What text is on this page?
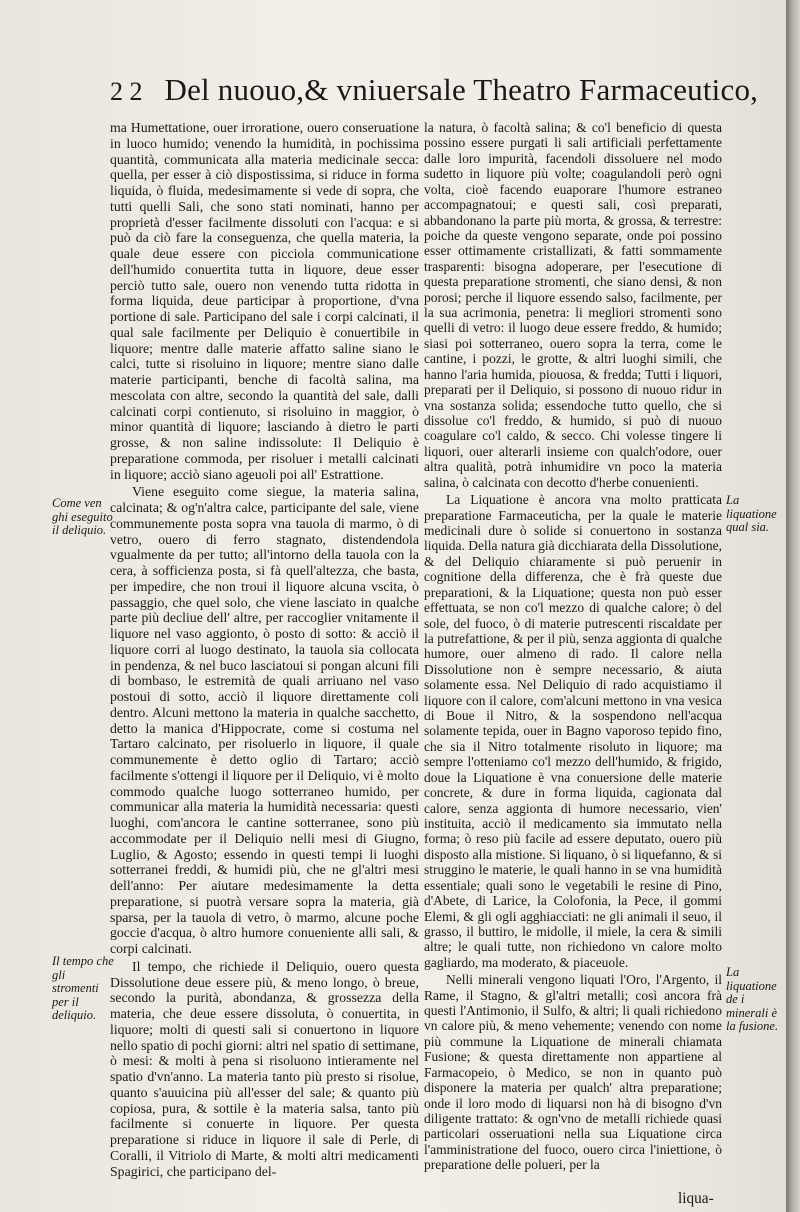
2 2 Del nuouo,& vniuersale Theatro Farmaceutico,

ma Humettatione, ouer irroratione, ouero conseruatione in luoco humido; venendo la humidità, in pochissima quantità, communicata alla materia medicinale secca: quella, per esser à ciò dispostissima, si riduce in forma liquida, ò fluida, medesimamente si vede di sopra, che tutti quelli Sali, che sono stati nominati, hanno per proprietà d'esser facilmente dissoluti con l'acqua: e si può da ciò fare la conseguenza, che quella materia, la quale deue essere con picciola communicatione dell'humido conuertita tutta in liquore, deue esser perciò tutto sale, ouero non venendo tutta ridotta in forma liquida, deue participar à proportione, d'vna portione di sale. Participano del sale i corpi calcinati, il qual sale facilmente per Deliquio è conuertibile in liquore; mentre dalle materie affatto saline siano le calci, tutte si risoluino in liquore; mentre siano dalle materie participanti, benche di facoltà salina, ma mescolata con altre, secondo la quantità del sale, dalli calcinati corpi contienuto, si risoluino in maggior, ò minor quantità di liquore; lasciando à dietro le parti grosse, & non saline indissolute: Il Deliquio è preparatione commoda, per risoluer i metalli calcinati in liquore; acciò siano ageuoli poi all' Estrattione.

Viene eseguito come siegue, la materia salina, calcinata; & og'n'altra calce, participante del sale, viene communemente posta sopra vna tauola di marmo, ò di vetro, ouero di ferro stagnato, distendendola vgualmente da per tutto; all'intorno della tauola con la cera, à sofficienza posta, si fà quell'altezza, che basta, per impedire, che non troui il liquore alcuna vscita, ò passaggio, che quel solo, che viene lasciato in qualche parte più decliue dell' altre, per raccoglier vnitamente il liquore nel vaso aggionto, ò posto di sotto: & acciò il liquore corri al luogo destinato, la tauola sia collocata in pendenza, & nel buco lasciatoui si pongan alcuni fili di bombaso, le estremità de quali arriuano nel vaso postoui di sotto, acciò il liquore direttamente coli dentro. Alcuni mettono la materia in qualche sacchetto, detto la manica d'Hippocrate, come si costuma nel Tartaro calcinato, per risoluerlo in liquore, il quale communemente è detto oglio di Tartaro; acciò facilmente s'ottengi il liquore per il Deliquio, vi è molto commodo qualche luogo sotterraneo humido, per communicar alla materia la humidità necessaria: questi luoghi, com'ancora le cantine sotterranee, sono più accommodate per il Deliquio nelli mesi di Giugno, Luglio, & Agosto; essendo in questi tempi li luoghi sotterranei freddi, & humidi più, che ne gl'altri mesi dell'anno: Per aiutare medesimamente la detta preparatione, si puotrà versare sopra la materia, già sparsa, per la tauola di vetro, ò marmo, alcune poche goccie d'acqua, ò altro humore conueniente alli sali, & corpi calcinati.

Il tempo, che richiede il Deliquio, ouero questa Dissolutione deue essere più, & meno longo, ò breue, secondo la purità, abondanza, & grossezza della materia, che deue essere dissoluta, ò conuertita, in liquore; molti di questi sali si conuertono in liquore nello spatio di pochi giorni: altri nel spatio di settimane, ò mesi: & molti à pena si risoluono intieramente nel spatio d'vn'anno. La materia tanto più presto si risolue, quanto s'auuicina più all'esser del sale; & quanto più copiosa, pura, & sottile è la materia salsa, tanto più facilmente si conuerte in liquore. Per questa preparatione si riduce in liquore il sale di Perle, di Coralli, il Vitriolo di Marte, & molti altri medicamenti Spagirici, che participano del-

la natura, ò facoltà salina; & co'l beneficio di questa possino essere purgati li sali artificiali perfettamente dalle loro impurità, facendoli dissoluere nel modo sudetto in liquore più volte; coagulandoli però ogni volta, cioè facendo euaporare l'humore estraneo accompagnatoui; e questi sali, così preparati, abbandonano la parte più morta, & grossa, & terrestre: poiche da queste vengono separate, onde poi possino esser ottimamente cristallizati, & fatti sommamente trasparenti: bisogna adoperare, per l'esecutione di questa preparatione stromenti, che siano densi, & non porosi; perche il liquore essendo salso, facilmente, per la sua acrimonia, penetra: li megliori stromenti sono quelli di vetro: il luogo deue essere freddo, & humido; siasi poi sotterraneo, ouero sopra la terra, come le cantine, i pozzi, le grotte, & altri luoghi simili, che hanno l'aria humida, piouosa, & fredda; Tutti i liquori, preparati per il Deliquio, si possono di nuouo ridur in vna sostanza solida; essendoche tutto quello, che si dissolue co'l freddo, & humido, si può di nuouo coagulare co'l caldo, & secco. Chi volesse tingere li liquori, ouer alterarli insieme con qualch'odore, ouer altra qualità, potrà inhumidire vn poco la materia salina, ò calcinata con decotto d'herbe conuenienti.

La Liquatione è ancora vna molto pratticata preparatione Farmaceuticha, per la quale le materie medicinali dure ò solide si conuertono in sostanza liquida. Della natura già dicchiarata della Dissolutione, & del Deliquio chiaramente si può peruenir in cognitione della differenza, che è frà queste due preparationi, & la Liquatione; questa non può esser effettuata, se non co'l mezzo di qualche calore; ò del sole, del fuoco, ò di materie putrescenti riscaldate per la putrefattione, & per il più, senza aggionta di qualche humore, ouer almeno di rado. Il calore nella Dissolutione non è sempre necessario, & aiuta solamente essa. Nel Deliquio di rado acquistiamo il liquore con il calore, com'alcuni mettono in vna vesica di Boue il Nitro, & la sospendono nell'acqua solamente tepida, ouer in Bagno vaporoso tepido fino, che sia il Nitro totalmente risoluto in liquore; ma sempre l'otteniamo co'l mezzo dell'humido, & frigido, doue la Liquatione è vna conuersione delle materie concrete, & dure in forma liquida, cagionata dal calore, senza aggionta di humore necessario, vien' instituita, acciò il medicamento sia immutato nella forma; ò reso più facile ad essere deputato, ouero più disposto alla mistione. Si liquano, ò si liquefanno, & si struggino le materie, le quali hanno in se vna humidità essentiale; quali sono le vegetabili le resine di Pino, d'Abete, di Larice, la Colofonia, la Pece, il gommi Elemi, & gli ogli agghiacciati: ne gli animali il seuo, il grasso, il buttiro, le midolle, il miele, la cera & simili altre; le quali tutte, non richiedono vn calore molto gagliardo, ma moderato, & piaceuole.

Nelli minerali vengono liquati l'Oro, l'Argento, il Rame, il Stagno, & gl'altri metalli; così ancora frà questi l'Antimonio, il Sulfo, & altri; li quali richiedono vn calore più, & meno vehemente; venendo con nome più commune la Liquatione de minerali chiamata Fusione; & questa direttamente non appartiene al Farmacopeio, ò Medico, se non in quanto può disponere la materia per qualch' altra preparatione; onde il loro modo di liquarsi non hà di bisogno d'vn diligente trattato: & ogn'vno de metalli richiede quasi particolari osseruationi nella sua Liquatione circa l'amministratione del fuoco, ouero circa l'iniettione, ò preparatione delle polueri, per la

Come ven ghi eseguito il deliquio.
Il tempo che gli stromenti per il deliquio.
La liquatione qual sia.
La liquatione de i minerali è la fusione.
liqua-
